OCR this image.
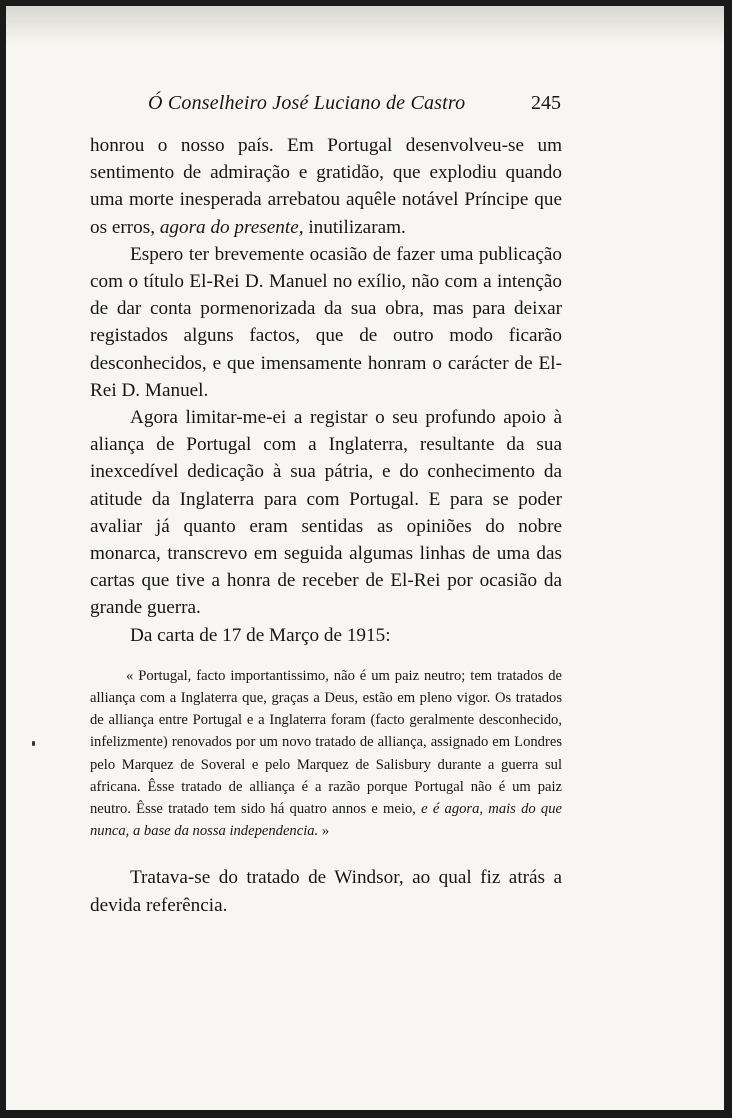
Ó Conselheiro José Luciano de Castro	245

honrou o nosso país. Em Portugal desenvolveu-se um sentimento de admiração e gratidão, que explodiu quando uma morte inesperada arrebatou aquêle notável Príncipe que os erros, agora do presente, inutilizaram.

Espero ter brevemente ocasião de fazer uma publicação com o título El-Rei D. Manuel no exílio, não com a intenção de dar conta pormenorizada da sua obra, mas para deixar registados alguns factos, que de outro modo ficarão desconhecidos, e que imensamente honram o carácter de El-Rei D. Manuel.

Agora limitar-me-ei a registar o seu profundo apoio à aliança de Portugal com a Inglaterra, resultante da sua inexcedível dedicação à sua pátria, e do conhecimento da atitude da Inglaterra para com Portugal. E para se poder avaliar já quanto eram sentidas as opiniões do nobre monarca, transcrevo em seguida algumas linhas de uma das cartas que tive a honra de receber de El-Rei por ocasião da grande guerra.

Da carta de 17 de Março de 1915:

« Portugal, facto importantissimo, não é um paiz neutro; tem tratados de alliança com a Inglaterra que, graças a Deus, estão em pleno vigor. Os tratados de alliança entre Portugal e a Inglaterra foram (facto geralmente desconhecido, infelizmente) renovados por um novo tratado de alliança, assignado em Londres pelo Marquez de Soveral e pelo Marquez de Salisbury durante a guerra sul africana. Êsse tratado de alliança é a razão porque Portugal não é um paiz neutro. Êsse tratado tem sido há quatro annos e meio, e é agora, mais do que nunca, a base da nossa independencia. »

Tratava-se do tratado de Windsor, ao qual fiz atrás a devida referência.
